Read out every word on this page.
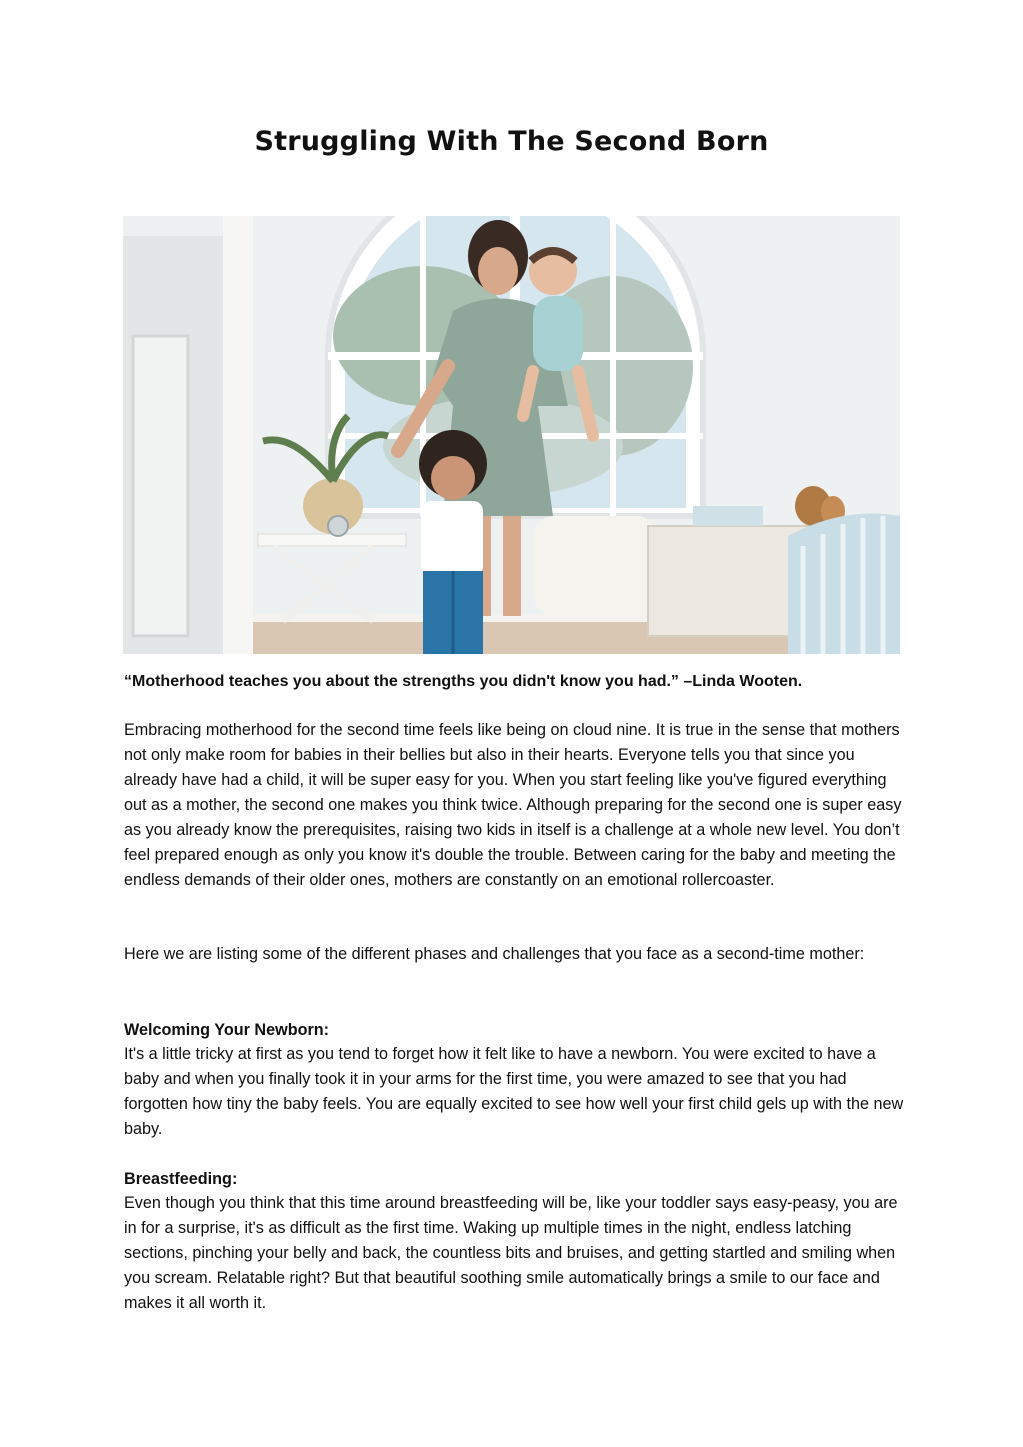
Struggling With The Second Born

“Motherhood teaches you about the strengths you didn't know you had.” –Linda Wooten.

Embracing motherhood for the second time feels like being on cloud nine. It is true in the sense that mothers not only make room for babies in their bellies but also in their hearts. Everyone tells you that since you already have had a child, it will be super easy for you. When you start feeling like you've figured everything out as a mother, the second one makes you think twice. Although preparing for the second one is super easy as you already know the prerequisites, raising two kids in itself is a challenge at a whole new level. You don’t feel prepared enough as only you know it's double the trouble. Between caring for the baby and meeting the endless demands of their older ones, mothers are constantly on an emotional rollercoaster.

Here we are listing some of the different phases and challenges that you face as a second-time mother:

Welcoming Your Newborn:

It's a little tricky at first as you tend to forget how it felt like to have a newborn. You were excited to have a baby and when you finally took it in your arms for the first time, you were amazed to see that you had forgotten how tiny the baby feels. You are equally excited to see how well your first child gels up with the new baby.

Breastfeeding:

Even though you think that this time around breastfeeding will be, like your toddler says easy-peasy, you are in for a surprise, it's as difficult as the first time. Waking up multiple times in the night, endless latching sections, pinching your belly and back, the countless bits and bruises, and getting startled and smiling when you scream. Relatable right? But that beautiful soothing smile automatically brings a smile to our face and makes it all worth it.
